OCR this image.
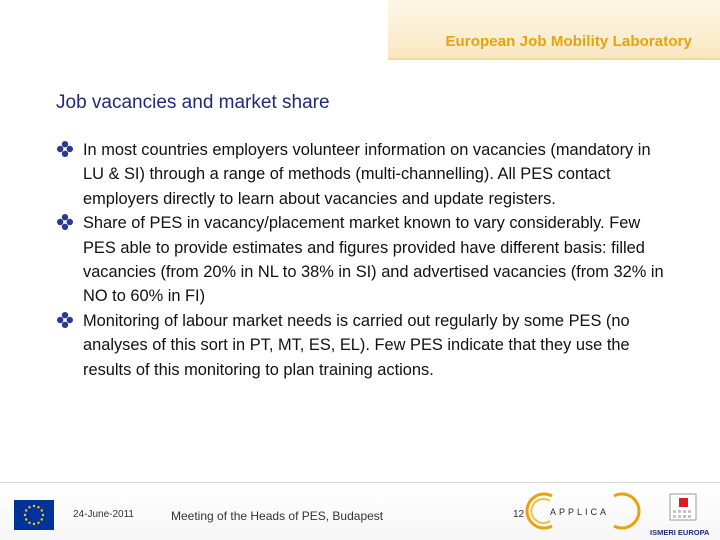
European Job Mobility Laboratory
Job vacancies and market share
In most countries employers volunteer information on vacancies (mandatory in LU & SI) through a range of methods (multi-channelling). All PES contact employers directly to learn about vacancies and update registers.
Share of PES in vacancy/placement market known to vary considerably. Few PES able to provide estimates and figures provided have different basis: filled vacancies (from 20% in NL to 38% in SI) and advertised vacancies (from 32% in NO to 60% in FI)
Monitoring of labour market needs is carried out regularly by some PES (no analyses of this sort in PT, MT, ES, EL). Few PES indicate that they use the results of this monitoring to plan training actions.
24-June-2011	Meeting of the Heads of PES, Budapest	12	APPLICA
ISMERI EUROPA
